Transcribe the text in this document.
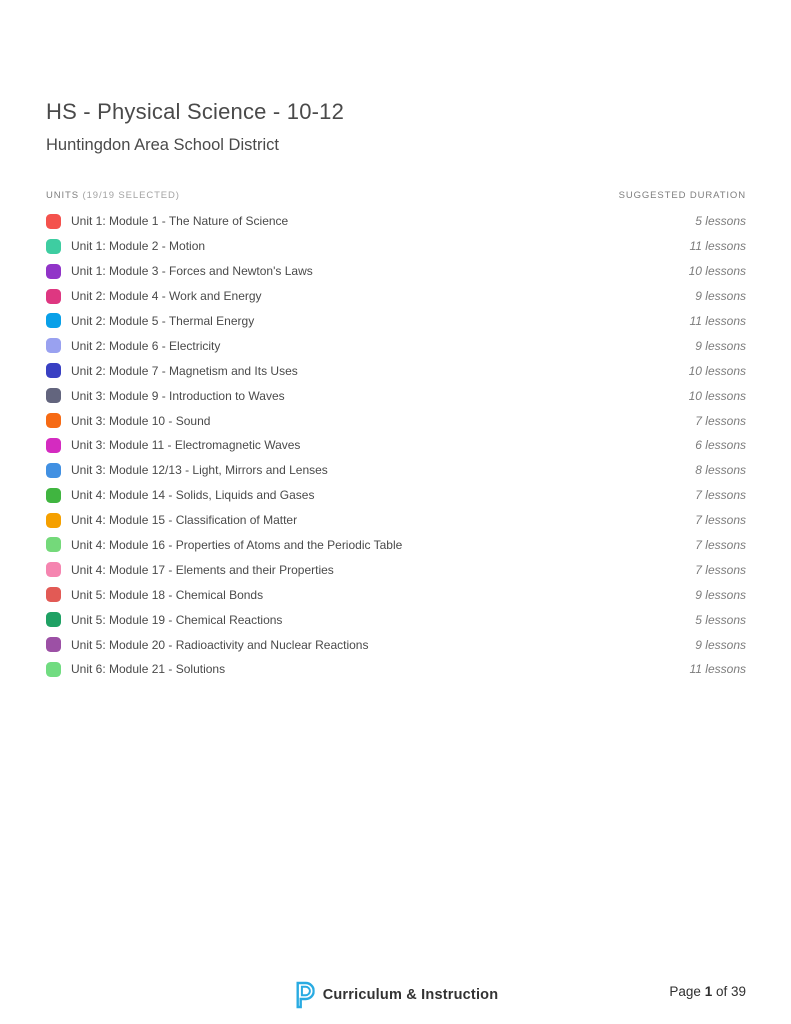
HS - Physical Science - 10-12
Huntingdon Area School District
UNITS (19/19 SELECTED)	SUGGESTED DURATION
Unit 1: Module 1 - The Nature of Science	5 lessons
Unit 1: Module 2 - Motion	11 lessons
Unit 1: Module 3 - Forces and Newton's Laws	10 lessons
Unit 2: Module 4 - Work and Energy	9 lessons
Unit 2: Module 5 - Thermal Energy	11 lessons
Unit 2: Module 6 - Electricity	9 lessons
Unit 2: Module 7 - Magnetism and Its Uses	10 lessons
Unit 3: Module 9 - Introduction to Waves	10 lessons
Unit 3: Module 10 - Sound	7 lessons
Unit 3: Module 11 - Electromagnetic Waves	6 lessons
Unit 3: Module 12/13 - Light, Mirrors and Lenses	8 lessons
Unit 4: Module 14 - Solids, Liquids and Gases	7 lessons
Unit 4: Module 15 - Classification of Matter	7 lessons
Unit 4: Module 16 - Properties of Atoms and the Periodic Table	7 lessons
Unit 4: Module 17 - Elements and their Properties	7 lessons
Unit 5: Module 18 - Chemical Bonds	9 lessons
Unit 5: Module 19 - Chemical Reactions	5 lessons
Unit 5: Module 20 - Radioactivity and Nuclear Reactions	9 lessons
Unit 6: Module 21 - Solutions	11 lessons
Curriculum & Instruction	Page 1 of 39
